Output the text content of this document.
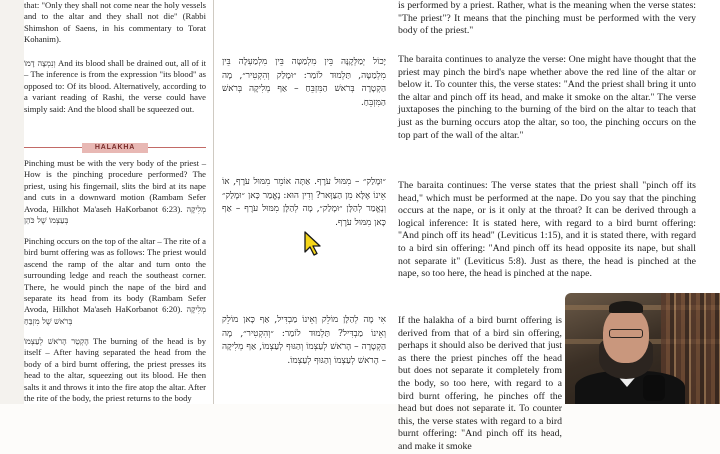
that: "Only they shall not come near the holy vessels and to the altar and they shall not die" (Rabbi Shimshon of Saens, in his commentary to Torat Kohanim).

וְנִמְצָה דָמוֹ And its blood shall be drained out, all of it – The inference is from the expression "its blood" as opposed to: Of its blood. Alternatively, according to a variant reading of Rashi, the verse could have simply said: And the blood shall be squeezed out.

HALAKHA

Pinching must be with the very body of the priest – How is the pinching procedure performed? The priest, using his fingernail, slits the bird at its nape and cuts in a downward motion (Rambam Sefer Avoda, Hilkhot Ma'aseh HaKorbanot 6:23). מְלִיקָה בְּעַצְמוֹ שֶׁל כֹּהֵן

Pinching occurs on the top of the altar – The rite of a bird burnt offering was as follows: The priest would ascend the ramp of the altar and turn onto the surrounding ledge and reach the southeast corner. There, he would pinch the nape of the bird and separate its head from its body (Rambam Sefer Avoda, Hilkhot Ma'aseh HaKorbanot 6:20). מְלִיקָה בְּרֹאשׁ שֶׁל מִזְבֵּחַ

הֶקְטֵר הָרֹאשׁ לְעַצְמוֹ The burning of the head is by itself – After having separated the head from the body of a bird burnt offering, the priest presses its head to the altar, squeezing out its blood. He then salts it and throws it into the fire atop the altar. After the rite of the body, the priest returns to the body

יָכוֹל יְמַלְּקֶנָּה בֵּין מִלְמַטָּה בֵּין מִלְמַעְלָה בֵּין מִלְמַטָּה, תַּלְמוּד לוֹמַר: ״וּמָלַק וְהִקְטִיר״, מָה הַקְטָרָה בְּרֹאשׁ הַמִּזְבֵּחַ – אַף מְלִיקָה בְּרֹאשׁ הַמִּזְבֵּחַ.
״וּמָלַק״ – מִמּוּל עֹרֶף. אַתָּה אוֹמֵר מִמּוּל עֹרֶף, אוֹ אֵינוֹ אֶלָּא מִן הַצַּוָּאר? וְדִין הוּא: נֶאֱמַר כָּאן ״וּמָלַק״ וְנֶאֱמַר לְהַלָּן ״וּמָלַק״, מָה לְהַלָּן מִמּוּל עֹרֶף – אַף כָּאן מִמּוּל עֹרֶף.
אִי מָה לְהַלָּן מוֹלֵק וְאֵינוֹ מַבְדִּיל, אַף כָּאן מוֹלֵק וְאֵינוֹ מַבְדִּיל? תַּלְמוּד לוֹמַר: ״וְהִקְטִיר״, מָה הַקְטָרָה – הָרֹאשׁ לְעַצְמוֹ וְהַגּוּף לְעַצְמוֹ, אַף מְלִיקָה – הָרֹאשׁ לְעַצְמוֹ וְהַגּוּף לְעַצְמוֹ.
is performed by a priest. Rather, what is the meaning when the verse states: "The priest"? It means that the pinching must be performed with the very body of the priest."
The baraita continues to analyze the verse: One might have thought that the priest may pinch the bird's nape whether above the red line of the altar or below it. To counter this, the verse states: "And the priest shall bring it unto the altar and pinch off its head, and make it smoke on the altar." The verse juxtaposes the pinching to the burning of the bird on the altar to teach that just as the burning occurs atop the altar, so too, the pinching occurs on the top part of the wall of the altar."
The baraita continues: The verse states that the priest shall "pinch off its head," which must be performed at the nape. Do you say that the pinching occurs at the nape, or is it only at the throat? It can be derived through a logical inference: It is stated here, with regard to a bird burnt offering: "And pinch off its head" (Leviticus 1:15), and it is stated there, with regard to a bird sin offering: "And pinch off its head opposite its nape, but shall not separate it" (Leviticus 5:8). Just as there, the head is pinched at the nape, so too here, the head is pinched at the nape.
If the halakha of a bird burnt offering is derived from that of a bird sin offering, perhaps it should also be derived that just as there the priest pinches off the head but does not separate it completely from the body, so too here, with regard to a bird burnt offering, he pinches off the head but does not separate it. To counter this, the verse states with regard to a bird burnt offering: "And pinch off its head, and make it smoke
